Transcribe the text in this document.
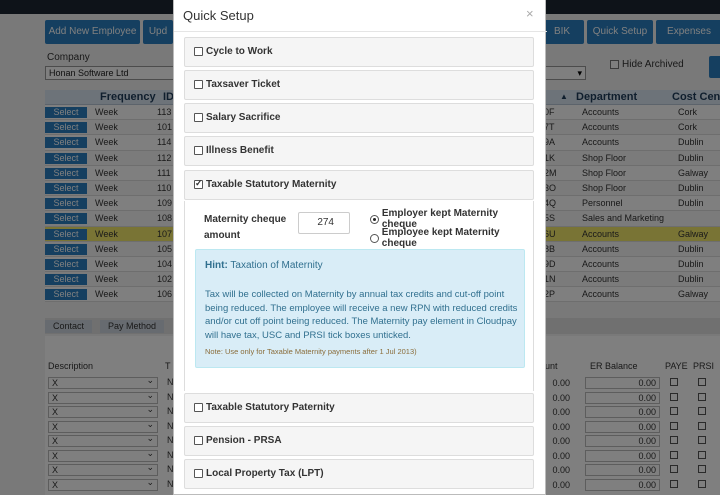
Quick Setup	×
Cycle to Work
Taxsaver Ticket
Salary Sacrifice
Illness Benefit
✓
Taxable Statutory Maternity
Maternity cheque amount
274
Employer kept Maternity cheque
Employee kept Maternity cheque
Hint: Taxation of Maternity
Tax will be collected on Maternity by annual tax credits and cut-off point being reduced. The employee will receive a new RPN with reduced credits and/or cut off point being reduced. The Maternity pay element in Cloudpay will have tax, USC and PRSI tick boxes unticked.
Note: Use only for Taxable Maternity payments after 1 Jul 2013)
Taxable Statutory Paternity
Pension - PRSA
Local Property Tax (LPT)
